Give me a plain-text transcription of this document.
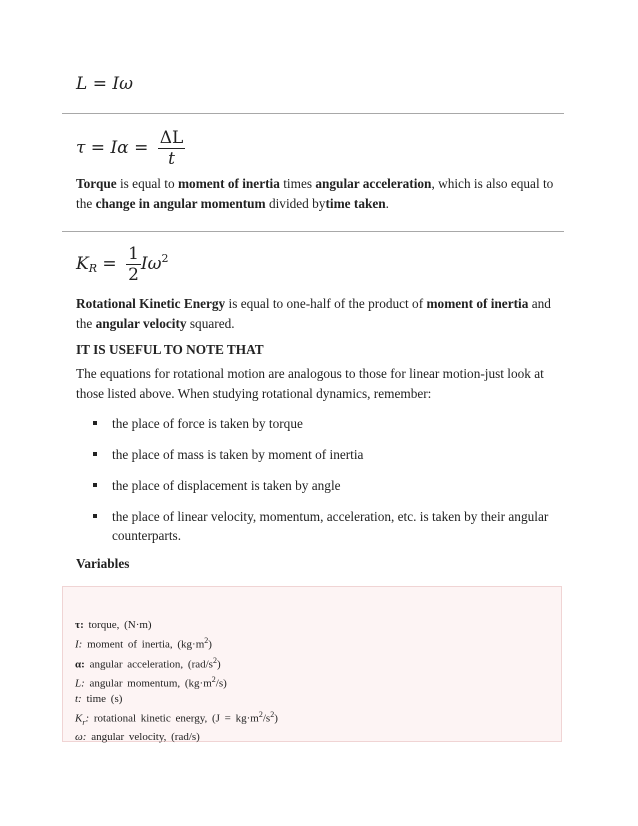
L = Iω
$\tau = I\alpha = \frac{\Delta L}{t}$
Torque is equal to moment of inertia times angular acceleration, which is also equal to the change in angular momentum divided bytime taken.
$K_R = \frac{1}{2} I\omega^2$
Rotational Kinetic Energy is equal to one-half of the product of moment of inertia and the angular velocity squared.
IT IS USEFUL TO NOTE THAT
The equations for rotational motion are analogous to those for linear motion-just look at those listed above. When studying rotational dynamics, remember:
the place of force is taken by torque
the place of mass is taken by moment of inertia
the place of displacement is taken by angle
the place of linear velocity, momentum, acceleration, etc. is taken by their angular counterparts.
Variables
τ: torque, (N·m)
I: moment of inertia, $(kg\cdot m^2)$
α: angular acceleration, $(rad/s^2)$
L: angular momentum, $(kg\cdot m^2/s)$
t: time (s)
$K_r$: rotational kinetic energy, $(J = kg\cdot m^2/s^2)$
ω: angular velocity, (rad/s)
